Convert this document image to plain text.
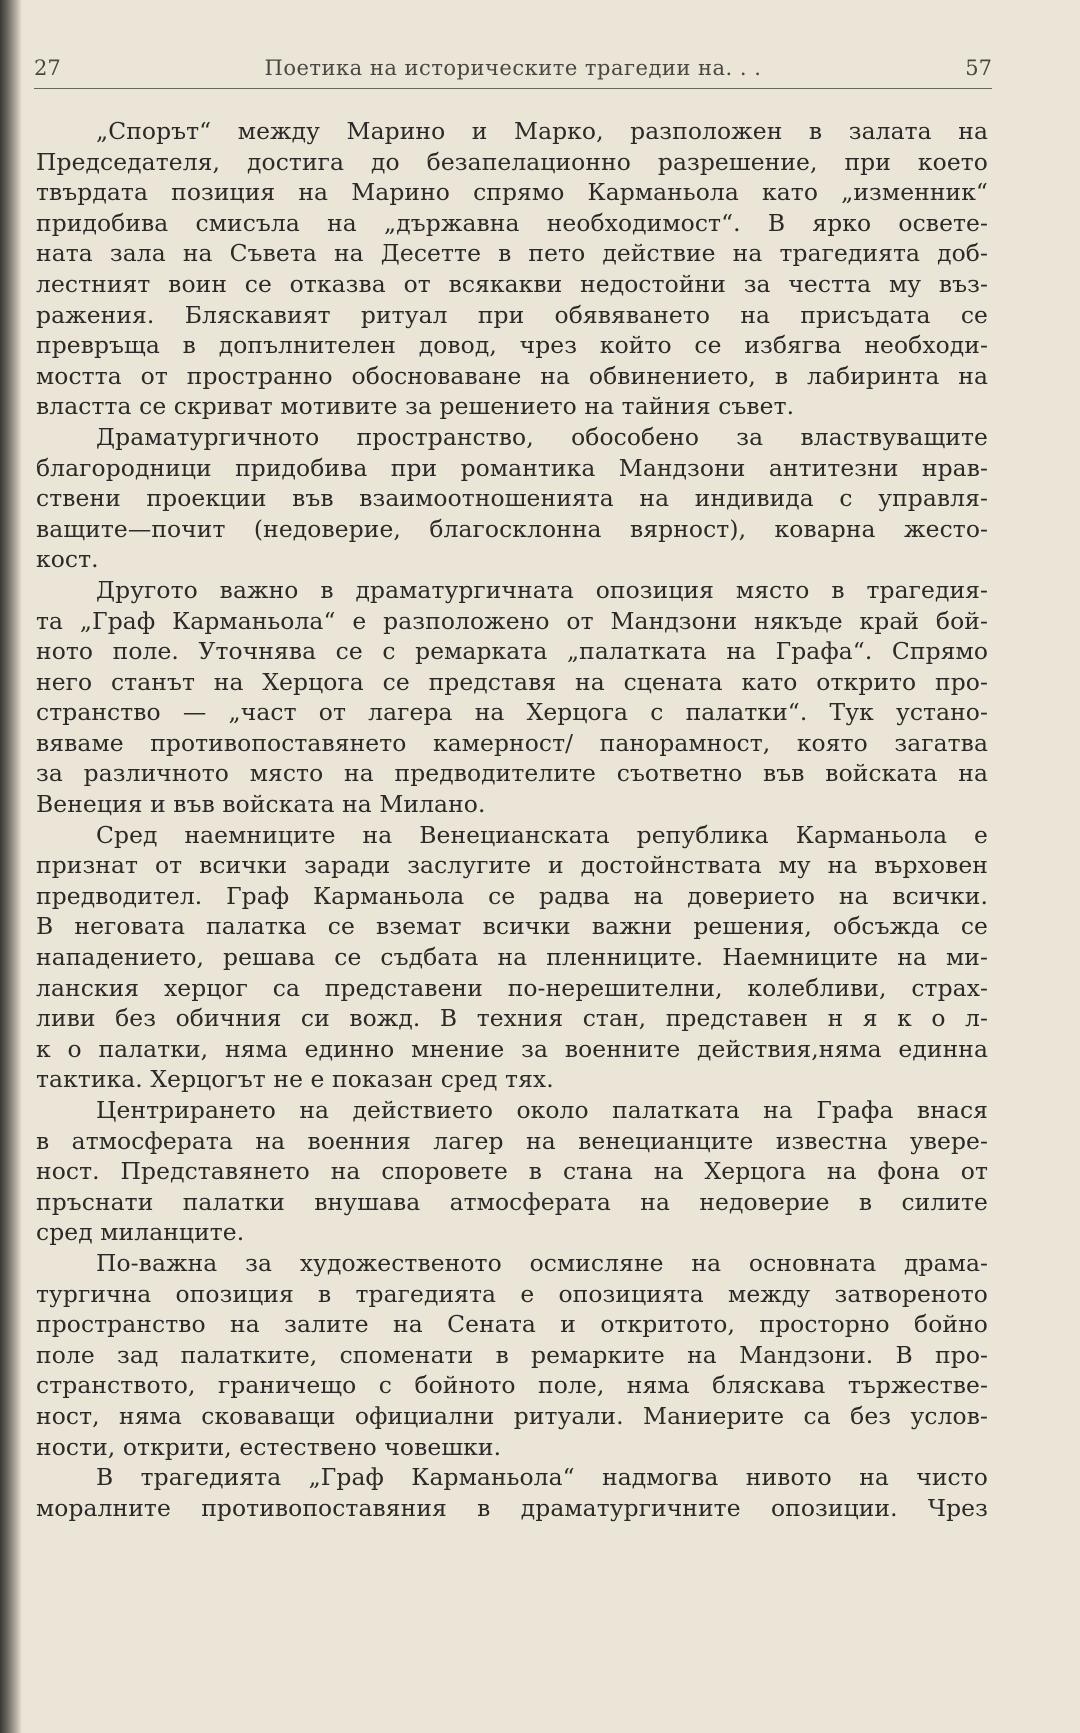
27	Поетика на историческите трагедии на. . .	57
„Спорът“ между Марино и Марко, разположен в залата на
Председателя, достига до безапелационно разрешение, при което
твърдата позиция на Марино спрямо Карманьола като „изменник“
придобива смисъла на „държавна необходимост“. В ярко освете-
ната зала на Съвета на Десетте в пето действие на трагедията доб-
лестният воин се отказва от всякакви недостойни за честта му въз-
ражения. Бляскавият ритуал при обявяването на присъдата се
превръща в допълнителен довод, чрез който се избягва необходи-
мостта от пространно обосноваване на обвинението, в лабиринта на
властта се скриват мотивите за решението на тайния съвет.
Драматургичното пространство, обособено за властвуващите
благородници придобива при романтика Мандзони антитезни нрав-
ствени проекции във взаимоотношенията на индивида с управля-
ващите—почит (недоверие, благосклонна вярност), коварна жесто-
кост.
Другото важно в драматургичната опозиция място в трагедия-
та „Граф Карманьола“ е разположено от Мандзони някъде край бой-
ното поле. Уточнява се с ремарката „палатката на Графа“. Спрямо
него станът на Херцога се представя на сцената като открито про-
странство — „част от лагера на Херцога с палатки“. Тук устано-
вяваме противопоставянето камерност/ панорамност, която загатва
за различното място на предводителите съответно във войската на
Венеция и във войската на Милано.
Сред наемниците на Венецианската република Карманьола е
признат от всички заради заслугите и достойнствата му на върховен
предводител. Граф Карманьола се радва на доверието на всички.
В неговата палатка се вземат всички важни решения, обсъжда се
нападението, решава се съдбата на пленниците. Наемниците на ми-
ланския херцог са представени по-нерешителни, колебливи, страх-
ливи без обичния си вожд. В техния стан, представен н я к о л-
к о палатки, няма единно мнение за военните действия,няма единна
тактика. Херцогът не е показан сред тях.
Центрирането на действието около палатката на Графа внася
в атмосферата на военния лагер на венецианците известна увере-
ност. Представянето на споровете в стана на Херцога на фона от
пръснати палатки внушава атмосферата на недоверие в силите
сред миланците.
По-важна за художественото осмисляне на основната драма-
тургична опозиция в трагедията е опозицията между затвореното
пространство на залите на Сената и откритото, просторно бойно
поле зад палатките, споменати в ремарките на Мандзони. В про-
странството, граничещо с бойното поле, няма бляскава тържестве-
ност, няма сковаващи официални ритуали. Маниерите са без услов-
ности, открити, естествено човешки.
В трагедията „Граф Карманьола“ надмогва нивото на чисто
моралните противопоставяния в драматургичните опозиции. Чрез
